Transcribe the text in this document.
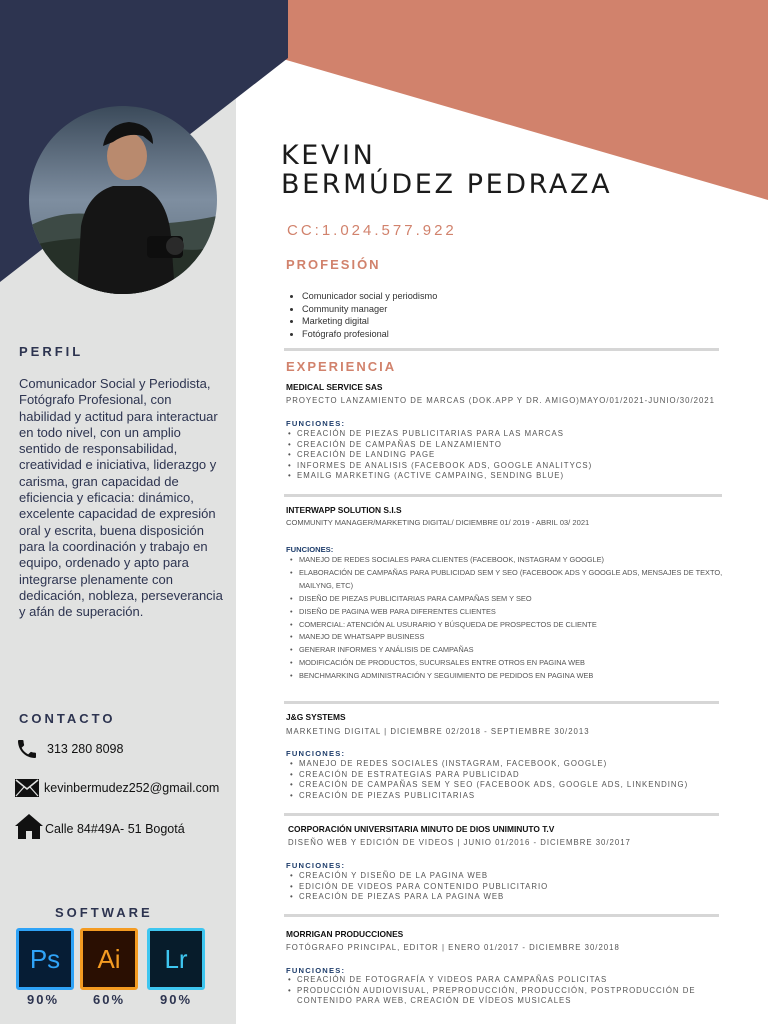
PERFIL
Comunicador Social y Periodista, Fotógrafo Profesional, con habilidad y actitud para interactuar en todo nivel, con un amplio sentido de responsabilidad, creatividad e iniciativa, liderazgo y carisma, gran capacidad de eficiencia y eficacia: dinámico, excelente capacidad de expresión oral y escrita, buena disposición para la coordinación y trabajo en equipo, ordenado y apto para integrarse plenamente con dedicación, nobleza, perseverancia y afán de superación.
CONTACTO
313 280 8098
kevinbermudez252@gmail.com
Calle 84#49A- 51 Bogotá
SOFTWARE
Ps Ai Lr
90%	60%	90%
KEVIN
BERMÚDEZ PEDRAZA
CC:1.024.577.922
PROFESIÓN
• Comunicador social y periodismo
• Community manager
• Marketing digital
• Fotógrafo profesional
EXPERIENCIA
MEDICAL SERVICE SAS
PROYECTO LANZAMIENTO DE MARCAS (DOK.APP Y DR. AMIGO)MAYO/01/2021-JUNIO/30/2021
FUNCIONES:
• CREACIÓN DE PIEZAS PUBLICITARIAS PARA LAS MARCAS
• CREACIÓN DE CAMPAÑAS DE LANZAMIENTO
• CREACIÓN DE LANDING PAGE
• INFORMES DE ANALISIS (FACEBOOK ADS, GOOGLE ANALITYCS)
• EMAILG MARKETING (ACTIVE CAMPAING, SENDING BLUE)
INTERWAPP SOLUTION S.I.S
COMMUNITY MANAGER/MARKETING DIGITAL/ DICIEMBRE 01/ 2019 - ABRIL 03/ 2021
FUNCIONES:
• MANEJO DE REDES SOCIALES PARA CLIENTES (FACEBOOK, INSTAGRAM Y GOOGLE)
• ELABORACIÓN DE CAMPAÑAS PARA PUBLICIDAD SEM Y SEO (FACEBOOK ADS Y GOOGLE ADS, MENSAJES DE TEXTO, MAILYNG, ETC)
• DISEÑO DE PIEZAS PUBLICITARIAS PARA CAMPAÑAS SEM Y SEO
• DISEÑO DE PAGINA WEB PARA DIFERENTES CLIENTES
• COMERCIAL: ATENCIÓN AL USURARIO Y BÚSQUEDA DE PROSPECTOS DE CLIENTE
• MANEJO DE WHATSAPP BUSINESS
• GENERAR INFORMES Y ANÁLISIS DE CAMPAÑAS
• MODIFICACIÓN DE PRODUCTOS, SUCURSALES ENTRE OTROS EN PAGINA WEB
• BENCHMARKING ADMINISTRACIÓN Y SEGUIMIENTO DE PEDIDOS EN PAGINA WEB
J&G SYSTEMS
MARKETING DIGITAL | DICIEMBRE 02/2018 - SEPTIEMBRE 30/2013
FUNCIONES:
• MANEJO DE REDES SOCIALES (INSTAGRAM, FACEBOOK, GOOGLE)
• CREACIÓN DE ESTRATEGIAS PARA PUBLICIDAD
• CREACIÓN DE CAMPAÑAS SEM Y SEO (FACEBOOK ADS, GOOGLE ADS, LINKENDING)
• CREACIÓN DE PIEZAS PUBLICITARIAS
CORPORACIÓN UNIVERSITARIA MINUTO DE DIOS UNIMINUTO T.V
DISEÑO WEB Y EDICIÓN DE VIDEOS | JUNIO 01/2016 - DICIEMBRE 30/2017
FUNCIONES:
• CREACIÓN Y DISEÑO DE LA PAGINA WEB
• EDICIÓN DE VIDEOS PARA CONTENIDO PUBLICITARIO
• CREACIÓN DE PIEZAS PARA LA PAGINA WEB
MORRIGAN PRODUCCIONES
FOTÓGRAFO PRINCIPAL, EDITOR | ENERO 01/2017 - DICIEMBRE 30/2018
FUNCIONES:
• CREACIÓN DE FOTOGRAFÍA Y VIDEOS PARA CAMPAÑAS POLICITAS
• PRODUCCIÓN AUDIOVISUAL, PREPRODUCCIÓN, PRODUCCIÓN, POSTPRODUCCIÓN DE CONTENIDO PARA WEB, CREACIÓN DE VÍDEOS MUSICALES
